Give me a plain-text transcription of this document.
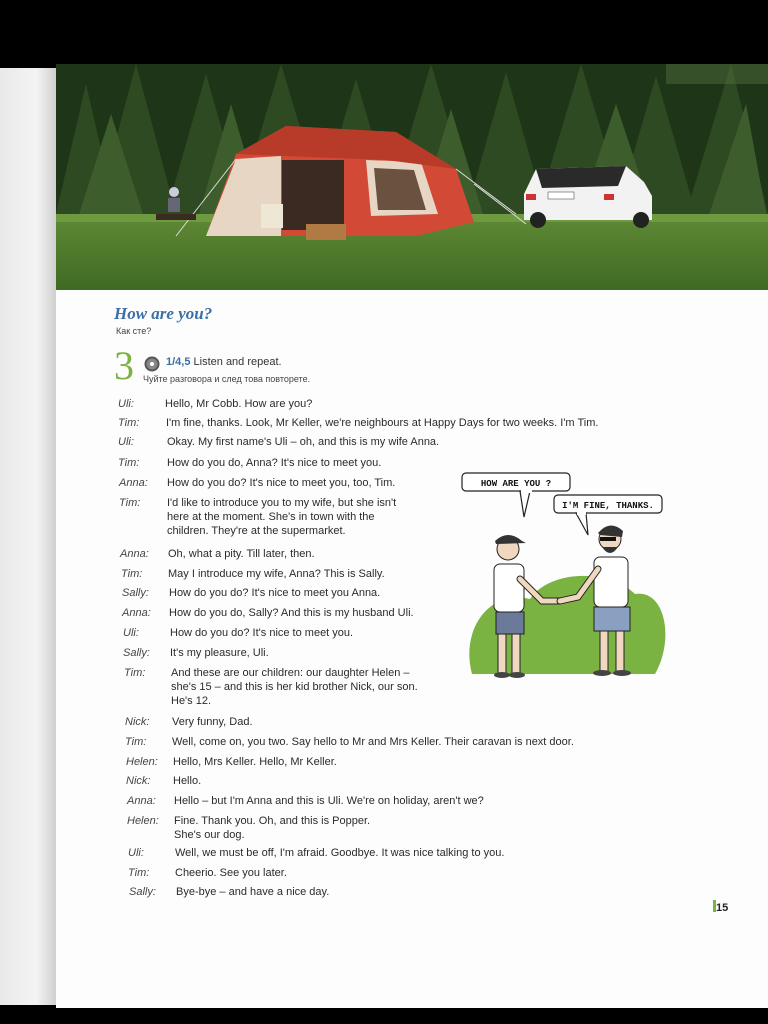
How are you?
Как сте?
3	1/4,5 Listen and repeat.
Чуйте разговора и след това повторете.
Uli:	Hello, Mr Cobb. How are you?
Tim: I'm fine, thanks. Look, Mr Keller, we're neighbours at Happy Days for two weeks. I'm Tim.
Uli:	Okay. My first name's Uli – oh, and this is my wife Anna.
Tim:	How do you do, Anna? It's nice to meet you.
Anna: How do you do? It's nice to meet you, too, Tim.
Tim: I'd like to introduce you to my wife, but she isn't
here at the moment. She's in town with the
children. They're at the supermarket.
Anna: Oh, what a pity. Till later, then.
Tim: May I introduce my wife, Anna? This is Sally.
Sally: How do you do? It's nice to meet you Anna.
Anna: How do you do, Sally? And this is my husband Uli.
Uli:	How do you do? It's nice to meet you.
Sally: It's my pleasure, Uli.
Tim: And these are our children: our daughter Helen –
she's 15 – and this is her kid brother Nick, our son.
He's 12.
Nick: Very funny, Dad.
Tim: Well, come on, you two. Say hello to Mr and Mrs Keller. Their caravan is next door.
Helen: Hello, Mrs Keller. Hello, Mr Keller.
Nick: Hello.
Anna: Hello – but I'm Anna and this is Uli. We're on holiday, aren't we?
Helen: Fine. Thank you. Oh, and this is Popper.
She's our dog.
Uli:	Well, we must be off, I'm afraid. Goodbye. It was nice talking to you.
Tim: Cheerio. See you later.
Sally: Bye-bye – and have a nice day.
HOW ARE YOU ?
I'M FINE, THANKS.
15
